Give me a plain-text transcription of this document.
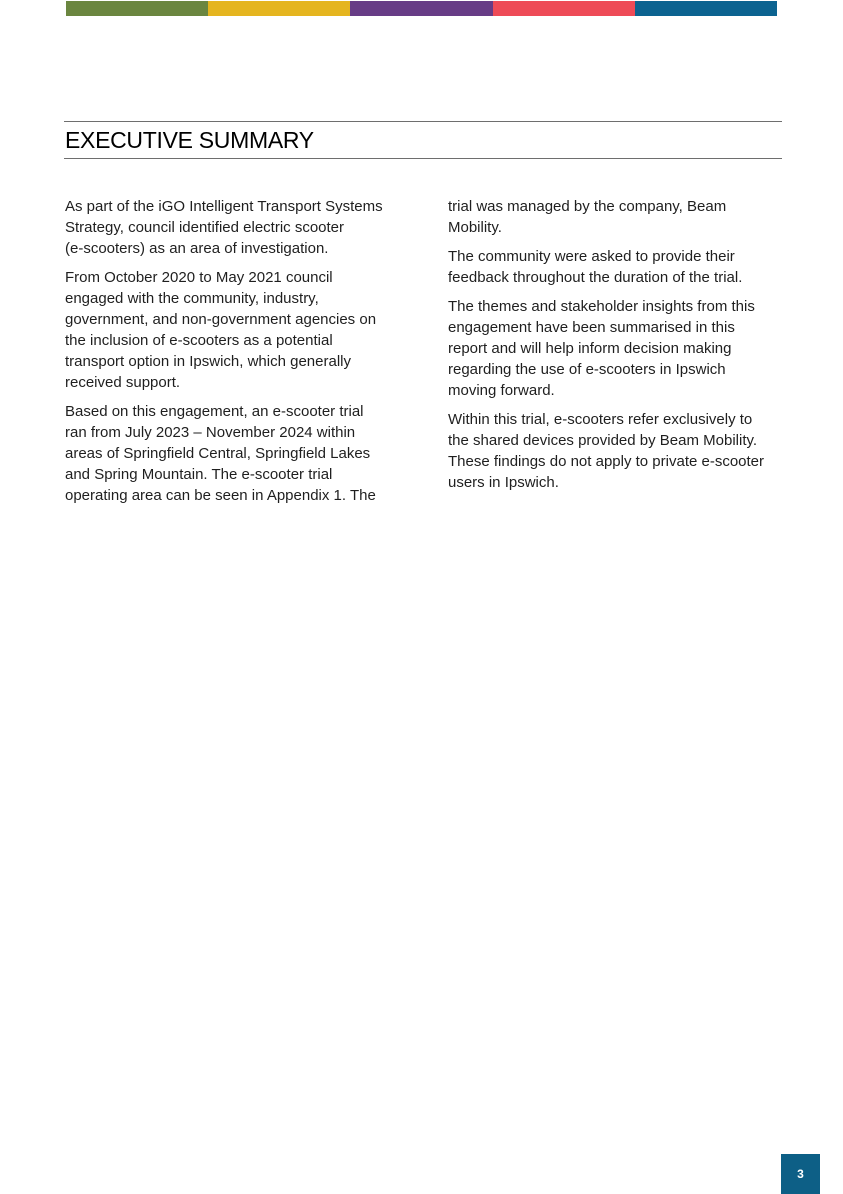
EXECUTIVE SUMMARY

As part of the iGO Intelligent Transport Systems
Strategy, council identified electric scooter
(e-scooters) as an area of investigation.

From October 2020 to May 2021 council
engaged with the community, industry,
government, and non-government agencies on
the inclusion of e-scooters as a potential
transport option in Ipswich, which generally
received support.

Based on this engagement, an e-scooter trial
ran from July 2023 – November 2024 within
areas of Springfield Central, Springfield Lakes
and Spring Mountain. The e-scooter trial
operating area can be seen in Appendix 1. The

trial was managed by the company, Beam
Mobility.

The community were asked to provide their
feedback throughout the duration of the trial.

The themes and stakeholder insights from this
engagement have been summarised in this
report and will help inform decision making
regarding the use of e-scooters in Ipswich
moving forward.

Within this trial, e-scooters refer exclusively to
the shared devices provided by Beam Mobility.
These findings do not apply to private e-scooter
users in Ipswich.

3
